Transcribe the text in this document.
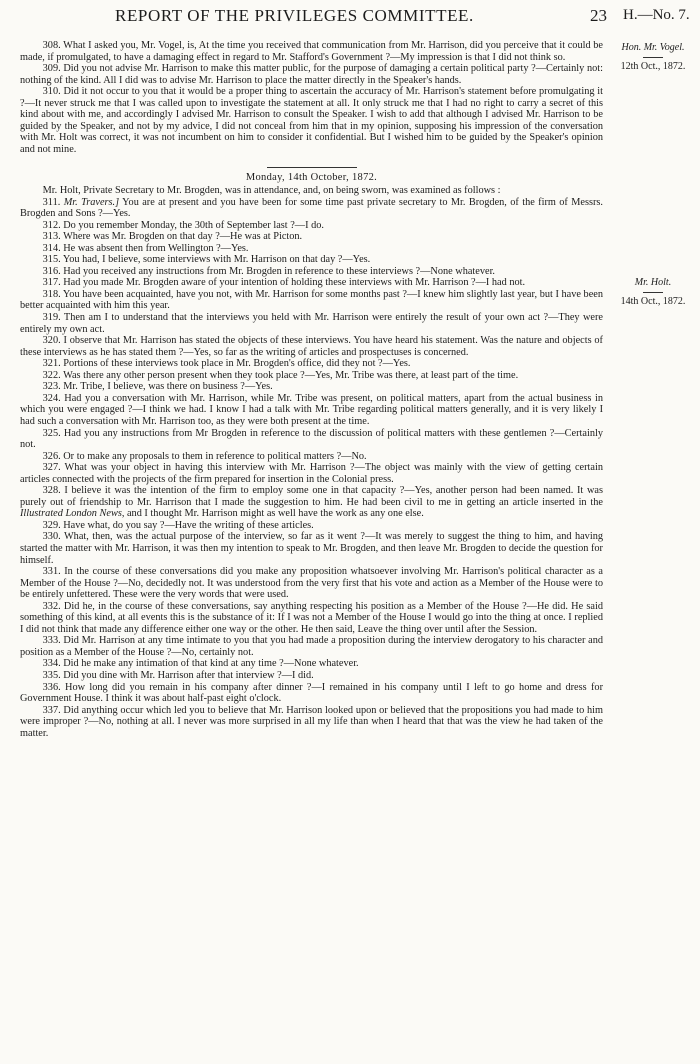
REPORT OF THE PRIVILEGES COMMITTEE.	23 H.—No. 7.
Hon. Mr. Vogel.
12th Oct., 1872.
Mr. Holt.
14th Oct., 1872.

308. What I asked you, Mr. Vogel, is, At the time you received that communication from Mr. Harrison, did you perceive that it could be made, if promulgated, to have a damaging effect in regard to Mr. Stafford's Government ?—My impression is that I did not think so.

309. Did you not advise Mr. Harrison to make this matter public, for the purpose of damaging a certain political party ?—Certainly not: nothing of the kind. All I did was to advise Mr. Harrison to place the matter directly in the Speaker's hands.

310. Did it not occur to you that it would be a proper thing to ascertain the accuracy of Mr. Harrison's statement before promulgating it ?—It never struck me that I was called upon to investigate the statement at all. It only struck me that I had no right to carry a secret of this kind about with me, and accordingly I advised Mr. Harrison to consult the Speaker. I wish to add that although I advised Mr. Harrison to be guided by the Speaker, and not by my advice, I did not conceal from him that in my opinion, supposing his impression of the conversation with Mr. Holt was correct, it was not incumbent on him to consider it confidential. But I wished him to be guided by the Speaker's opinion and not mine.

Monday, 14th October, 1872.

Mr. Holt, Private Secretary to Mr. Brogden, was in attendance, and, on being sworn, was examined as follows :

311. Mr. Travers.] You are at present and you have been for some time past private secretary to Mr. Brogden, of the firm of Messrs. Brogden and Sons ?—Yes.

312. Do you remember Monday, the 30th of September last ?—I do.

313. Where was Mr. Brogden on that day ?—He was at Picton.

314. He was absent then from Wellington ?—Yes.

315. You had, I believe, some interviews with Mr. Harrison on that day ?—Yes.

316. Had you received any instructions from Mr. Brogden in reference to these interviews ?—None whatever.

317. Had you made Mr. Brogden aware of your intention of holding these interviews with Mr. Harrison ?—I had not.

318. You have been acquainted, have you not, with Mr. Harrison for some months past ?—I knew him slightly last year, but I have been better acquainted with him this year.

319. Then am I to understand that the interviews you held with Mr. Harrison were entirely the result of your own act ?—They were entirely my own act.

320. I observe that Mr. Harrison has stated the objects of these interviews. You have heard his statement. Was the nature and objects of these interviews as he has stated them ?—Yes, so far as the writing of articles and prospectuses is concerned.

321. Portions of these interviews took place in Mr. Brogden's office, did they not ?—Yes.

322. Was there any other person present when they took place ?—Yes, Mr. Tribe was there, at least part of the time.

323. Mr. Tribe, I believe, was there on business ?—Yes.

324. Had you a conversation with Mr. Harrison, while Mr. Tribe was present, on political matters, apart from the actual business in which you were engaged ?—I think we had. I know I had a talk with Mr. Tribe regarding political matters generally, and it is very likely I had such a conversation with Mr. Harrison too, as they were both present at the time.

325. Had you any instructions from Mr Brogden in reference to the discussion of political matters with these gentlemen ?—Certainly not.

326. Or to make any proposals to them in reference to political matters ?—No.

327. What was your object in having this interview with Mr. Harrison ?—The object was mainly with the view of getting certain articles connected with the projects of the firm prepared for insertion in the Colonial press.

328. I believe it was the intention of the firm to employ some one in that capacity ?—Yes, another person had been named. It was purely out of friendship to Mr. Harrison that I made the suggestion to him. He had been civil to me in getting an article inserted in the Illustrated London News, and I thought Mr. Harrison might as well have the work as any one else.

329. Have what, do you say ?—Have the writing of these articles.

330. What, then, was the actual purpose of the interview, so far as it went ?—It was merely to suggest the thing to him, and having started the matter with Mr. Harrison, it was then my intention to speak to Mr. Brogden, and then leave Mr. Brogden to decide the question for himself.

331. In the course of these conversations did you make any proposition whatsoever involving Mr. Harrison's political character as a Member of the House ?—No, decidedly not. It was understood from the very first that his vote and action as a Member of the House were to be entirely unfettered. These were the very words that were used.

332. Did he, in the course of these conversations, say anything respecting his position as a Member of the House ?—He did. He said something of this kind, at all events this is the substance of it: If I was not a Member of the House I would go into the thing at once. I replied I did not think that made any difference either one way or the other. He then said, Leave the thing over until after the Session.

333. Did Mr. Harrison at any time intimate to you that you had made a proposition during the interview derogatory to his character and position as a Member of the House ?—No, certainly not.

334. Did he make any intimation of that kind at any time ?—None whatever.

335. Did you dine with Mr. Harrison after that interview ?—I did.

336. How long did you remain in his company after dinner ?—I remained in his company until I left to go home and dress for Government House. I think it was about half-past eight o'clock.

337. Did anything occur which led you to believe that Mr. Harrison looked upon or believed that the propositions you had made to him were improper ?—No, nothing at all. I never was more surprised in all my life than when I heard that that was the view he had taken of the matter.
